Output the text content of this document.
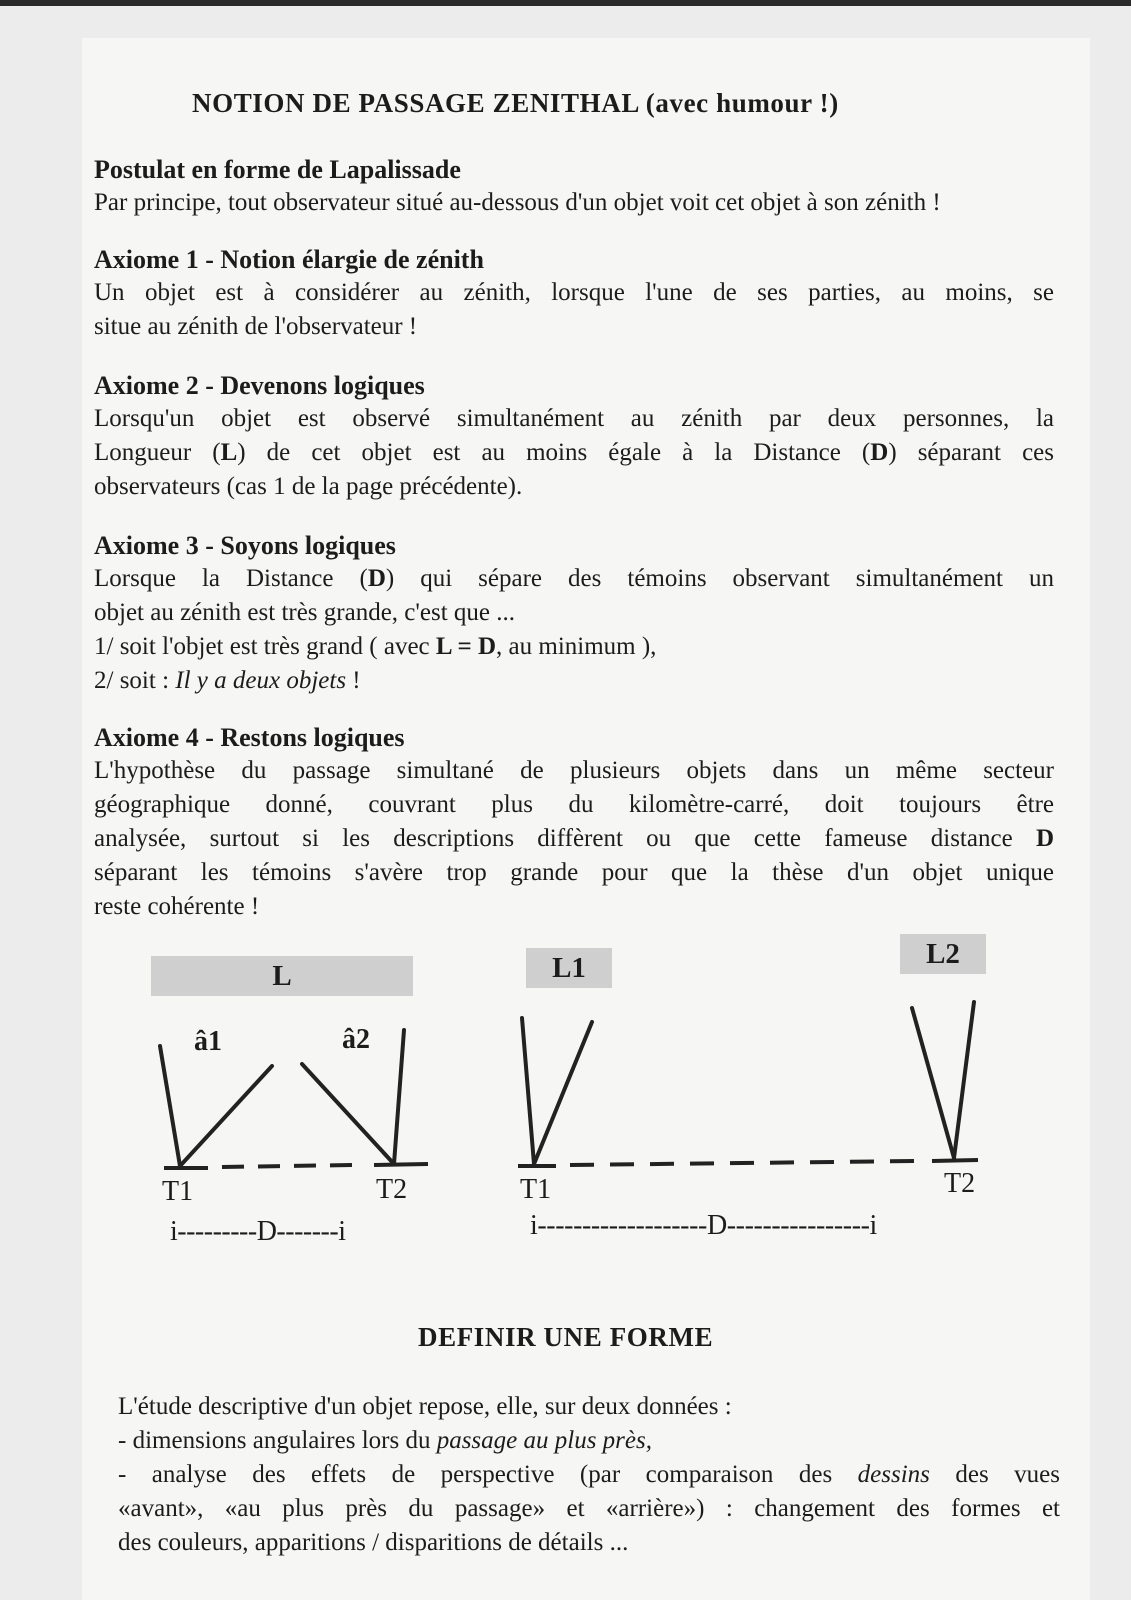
NOTION DE PASSAGE ZENITHAL (avec humour !)
Postulat en forme de Lapalissade
Par principe, tout observateur situé au-dessous d'un objet voit cet objet à son zénith !
Axiome 1 - Notion élargie de zénith
Un objet est à considérer au zénith, lorsque l'une de ses parties, au moins, se
situe au zénith de l'observateur !
Axiome 2 - Devenons logiques
Lorsqu'un objet est observé simultanément au zénith par deux personnes, la
Longueur (L) de cet objet est au moins égale à la Distance (D) séparant ces
observateurs (cas 1 de la page précédente).
Axiome 3 - Soyons logiques
Lorsque la Distance (D) qui sépare des témoins observant simultanément un
objet au zénith est très grande, c'est que ...
1/ soit l'objet est très grand ( avec L = D, au minimum ),
2/ soit : Il y a deux objets !
Axiome 4 - Restons logiques
L'hypothèse du passage simultané de plusieurs objets dans un même secteur
géographique donné, couvrant plus du kilomètre-carré, doit toujours être
analysée, surtout si les descriptions diffèrent ou que cette fameuse distance D
séparant les témoins s'avère trop grande pour que la thèse d'un objet unique
reste cohérente !
L	L1	L2
â1	â2
T1	T2	T1	T2
i---------D-------i	i-------------------D----------------i
DEFINIR UNE FORME
L'étude descriptive d'un objet repose, elle, sur deux données :
- dimensions angulaires lors du passage au plus près,
- analyse des effets de perspective (par comparaison des dessins des vues
«avant», «au plus près du passage» et «arrière») : changement des formes et
des couleurs, apparitions / disparitions de détails ...
